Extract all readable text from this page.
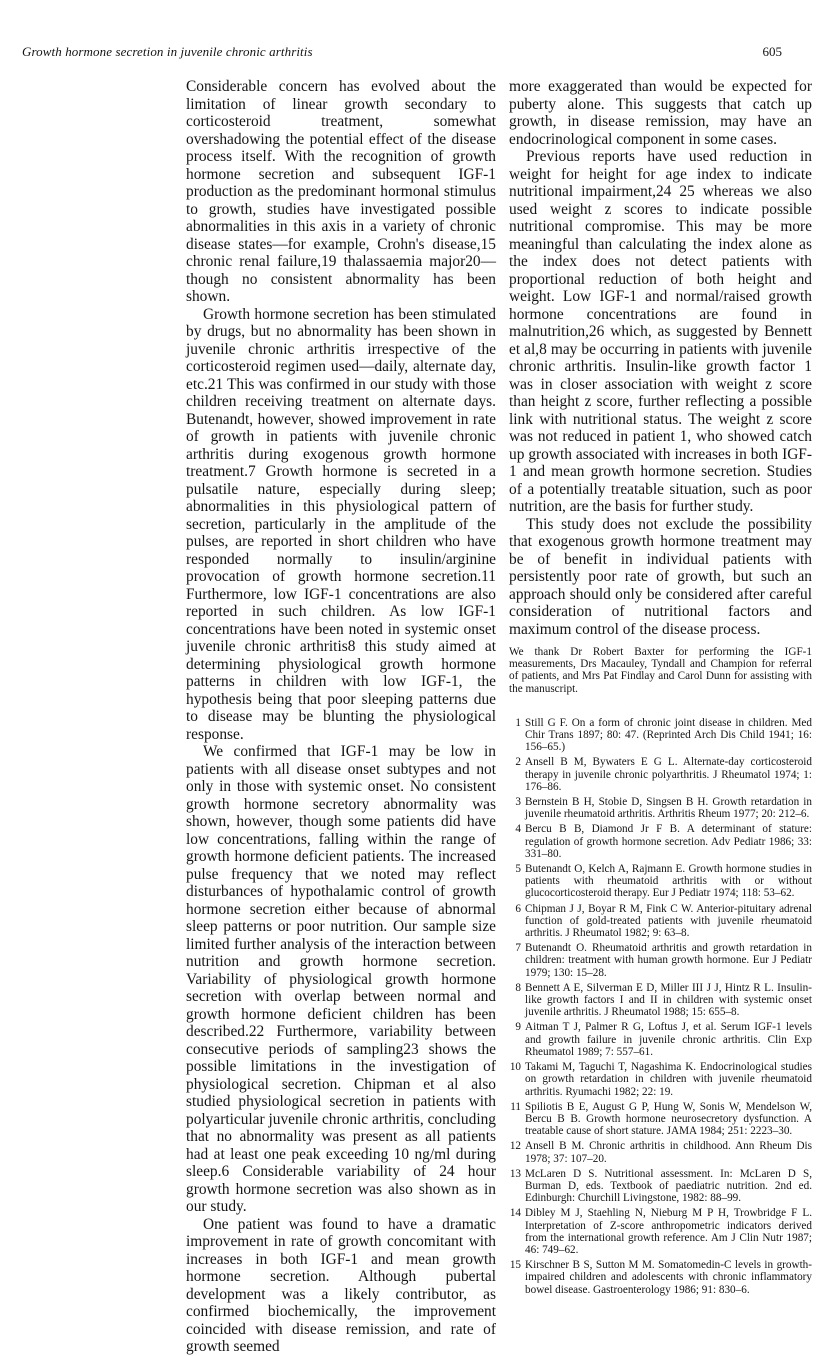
Growth hormone secretion in juvenile chronic arthritis	605

Considerable concern has evolved about the limitation of linear growth secondary to corticosteroid treatment, somewhat overshadowing the potential effect of the disease process itself. With the recognition of growth hormone secretion and subsequent IGF-1 production as the predominant hormonal stimulus to growth, studies have investigated possible abnormalities in this axis in a variety of chronic disease states—for example, Crohn's disease,15 chronic renal failure,19 thalassaemia major20—though no consistent abnormality has been shown.

Growth hormone secretion has been stimulated by drugs, but no abnormality has been shown in juvenile chronic arthritis irrespective of the corticosteroid regimen used—daily, alternate day, etc.21 This was confirmed in our study with those children receiving treatment on alternate days. Butenandt, however, showed improvement in rate of growth in patients with juvenile chronic arthritis during exogenous growth hormone treatment.7 Growth hormone is secreted in a pulsatile nature, especially during sleep; abnormalities in this physiological pattern of secretion, particularly in the amplitude of the pulses, are reported in short children who have responded normally to insulin/arginine provocation of growth hormone secretion.11 Furthermore, low IGF-1 concentrations are also reported in such children. As low IGF-1 concentrations have been noted in systemic onset juvenile chronic arthritis8 this study aimed at determining physiological growth hormone patterns in children with low IGF-1, the hypothesis being that poor sleeping patterns due to disease may be blunting the physiological response.

We confirmed that IGF-1 may be low in patients with all disease onset subtypes and not only in those with systemic onset. No consistent growth hormone secretory abnormality was shown, however, though some patients did have low concentrations, falling within the range of growth hormone deficient patients. The increased pulse frequency that we noted may reflect disturbances of hypothalamic control of growth hormone secretion either because of abnormal sleep patterns or poor nutrition. Our sample size limited further analysis of the interaction between nutrition and growth hormone secretion. Variability of physiological growth hormone secretion with overlap between normal and growth hormone deficient children has been described.22 Furthermore, variability between consecutive periods of sampling23 shows the possible limitations in the investigation of physiological secretion. Chipman et al also studied physiological secretion in patients with polyarticular juvenile chronic arthritis, concluding that no abnormality was present as all patients had at least one peak exceeding 10 ng/ml during sleep.6 Considerable variability of 24 hour growth hormone secretion was also shown as in our study.

One patient was found to have a dramatic improvement in rate of growth concomitant with increases in both IGF-1 and mean growth hormone secretion. Although pubertal development was a likely contributor, as confirmed biochemically, the improvement coincided with disease remission, and rate of growth seemed

more exaggerated than would be expected for puberty alone. This suggests that catch up growth, in disease remission, may have an endocrinological component in some cases.

Previous reports have used reduction in weight for height for age index to indicate nutritional impairment,24 25 whereas we also used weight z scores to indicate possible nutritional compromise. This may be more meaningful than calculating the index alone as the index does not detect patients with proportional reduction of both height and weight. Low IGF-1 and normal/raised growth hormone concentrations are found in malnutrition,26 which, as suggested by Bennett et al,8 may be occurring in patients with juvenile chronic arthritis. Insulin-like growth factor 1 was in closer association with weight z score than height z score, further reflecting a possible link with nutritional status. The weight z score was not reduced in patient 1, who showed catch up growth associated with increases in both IGF-1 and mean growth hormone secretion. Studies of a potentially treatable situation, such as poor nutrition, are the basis for further study.

This study does not exclude the possibility that exogenous growth hormone treatment may be of benefit in individual patients with persistently poor rate of growth, but such an approach should only be considered after careful consideration of nutritional factors and maximum control of the disease process.

We thank Dr Robert Baxter for performing the IGF-1 measurements, Drs Macauley, Tyndall and Champion for referral of patients, and Mrs Pat Findlay and Carol Dunn for assisting with the manuscript.

1 Still G F. On a form of chronic joint disease in children. Med Chir Trans 1897; 80: 47. (Reprinted Arch Dis Child 1941; 16: 156–65.)
2 Ansell B M, Bywaters E G L. Alternate-day corticosteroid therapy in juvenile chronic polyarthritis. J Rheumatol 1974; 1: 176–86.
3 Bernstein B H, Stobie D, Singsen B H. Growth retardation in juvenile rheumatoid arthritis. Arthritis Rheum 1977; 20: 212–6.
4 Bercu B B, Diamond Jr F B. A determinant of stature: regulation of growth hormone secretion. Adv Pediatr 1986; 33: 331–80.
5 Butenandt O, Kelch A, Rajmann E. Growth hormone studies in patients with rheumatoid arthritis with or without glucocorticosteroid therapy. Eur J Pediatr 1974; 118: 53–62.
6 Chipman J J, Boyar R M, Fink C W. Anterior-pituitary adrenal function of gold-treated patients with juvenile rheumatoid arthritis. J Rheumatol 1982; 9: 63–8.
7 Butenandt O. Rheumatoid arthritis and growth retardation in children: treatment with human growth hormone. Eur J Pediatr 1979; 130: 15–28.
8 Bennett A E, Silverman E D, Miller III J J, Hintz R L. Insulin-like growth factors I and II in children with systemic onset juvenile arthritis. J Rheumatol 1988; 15: 655–8.
9 Aitman T J, Palmer R G, Loftus J, et al. Serum IGF-1 levels and growth failure in juvenile chronic arthritis. Clin Exp Rheumatol 1989; 7: 557–61.
10 Takami M, Taguchi T, Nagashima K. Endocrinological studies on growth retardation in children with juvenile rheumatoid arthritis. Ryumachi 1982; 22: 19.
11 Spiliotis B E, August G P, Hung W, Sonis W, Mendelson W, Bercu B B. Growth hormone neurosecretory dysfunction. A treatable cause of short stature. JAMA 1984; 251: 2223–30.
12 Ansell B M. Chronic arthritis in childhood. Ann Rheum Dis 1978; 37: 107–20.
13 McLaren D S. Nutritional assessment. In: McLaren D S, Burman D, eds. Textbook of paediatric nutrition. 2nd ed. Edinburgh: Churchill Livingstone, 1982: 88–99.
14 Dibley M J, Staehling N, Nieburg M P H, Trowbridge F L. Interpretation of Z-score anthropometric indicators derived from the international growth reference. Am J Clin Nutr 1987; 46: 749–62.
15 Kirschner B S, Sutton M M. Somatomedin-C levels in growth-impaired children and adolescents with chronic inflammatory bowel disease. Gastroenterology 1986; 91: 830–6.
